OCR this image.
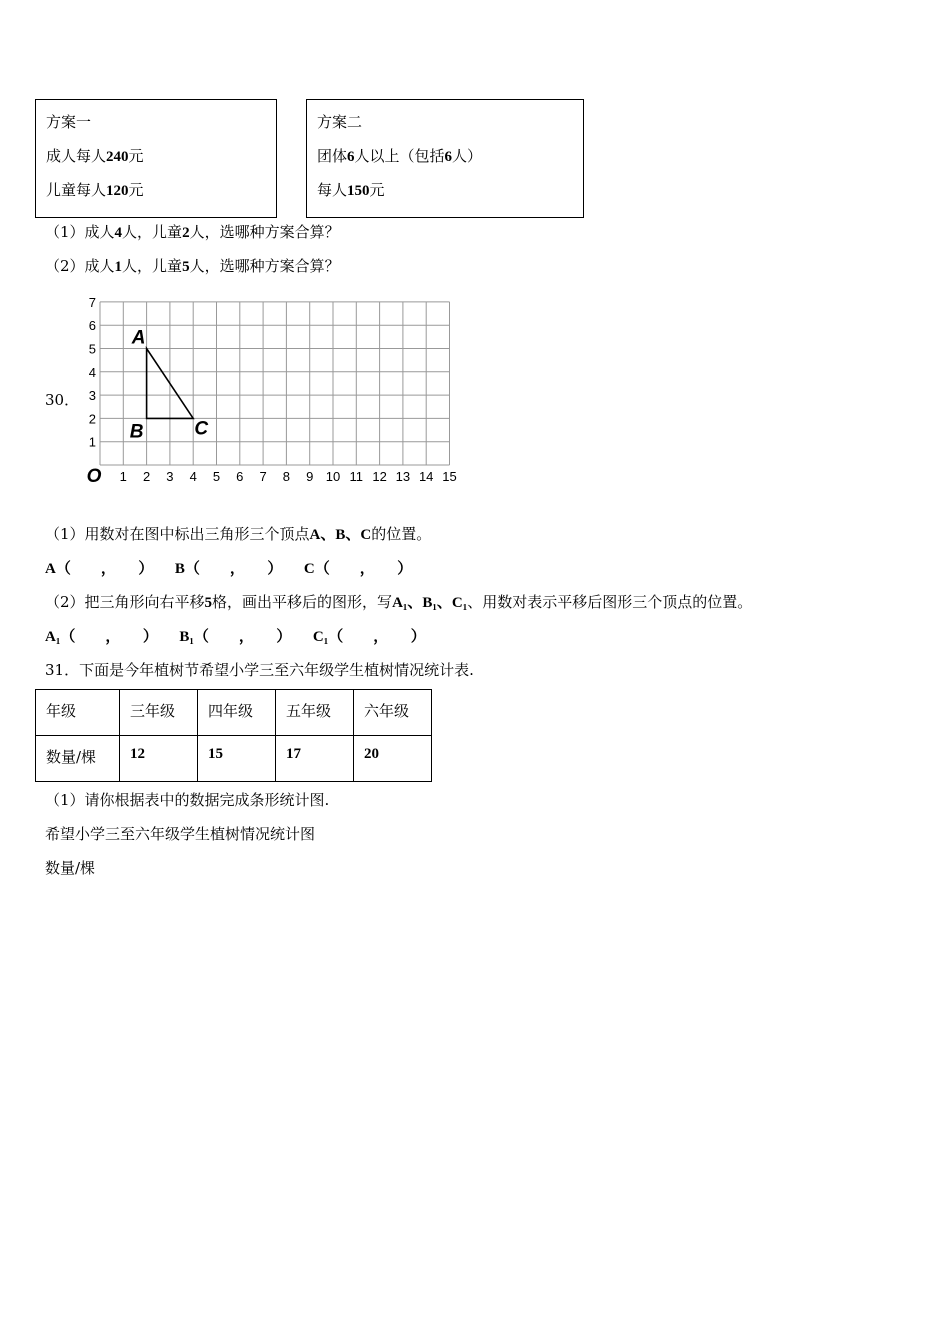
方案一
成人每人240元
儿童每人120元
方案二
团体6人以上（包括6人）
每人150元
（1）成人4人，儿童2人，选哪种方案合算？
（2）成人1人，儿童5人，选哪种方案合算？
30．
1 2 3 4 5 6 7 8 9 10 11 12 13 14 15
1
2
3
4
5
6
7
O
A
B	C
（1）用数对在图中标出三角形三个顶点A、B、C的位置。
A（　　，　　） B（　　，　　） C（　　，　　）
（2）把三角形向右平移5格，画出平移后的图形，写A₁、B₁、C₁、用数对表示平移后图形三个顶点的位置。
A₁（　　，　　） B₁（　　，　　） C₁（　　，　　）
31．下面是今年植树节希望小学三至六年级学生植树情况统计表.
年级	三年级	四年级	五年级	六年级
数量/棵	12	15	17	20
（1）请你根据表中的数据完成条形统计图.
希望小学三至六年级学生植树情况统计图
数量/棵
